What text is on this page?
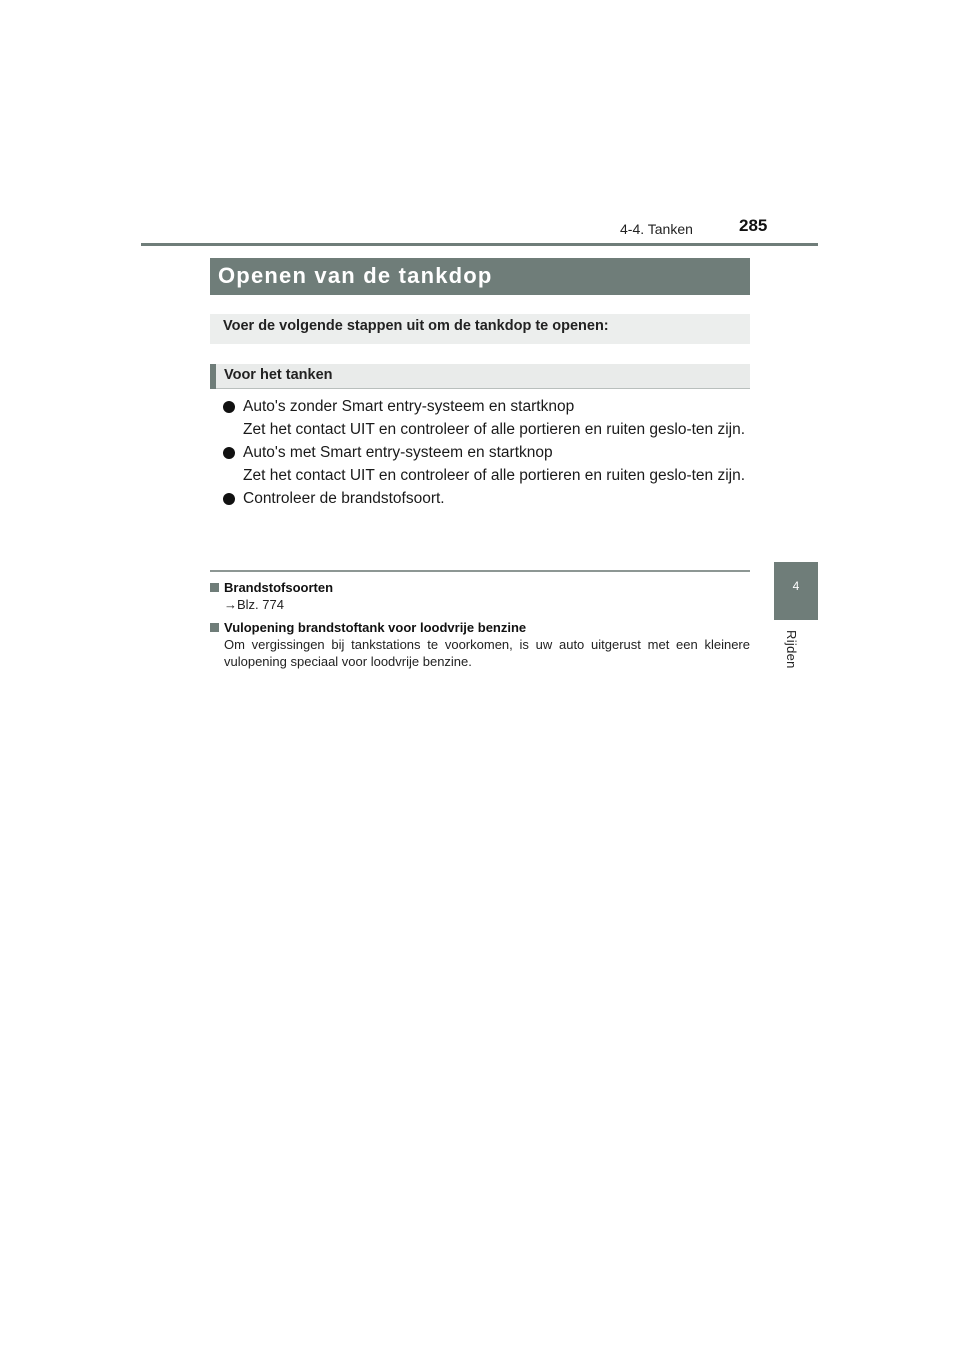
4-4. Tanken	285
4
Rijden
Openen van de tankdop
Voer de volgende stappen uit om de tankdop te openen:
Voor het tanken
Auto's zonder Smart entry-systeem en startknop
Zet het contact UIT en controleer of alle portieren en ruiten geslo-ten zijn.
Auto's met Smart entry-systeem en startknop
Zet het contact UIT en controleer of alle portieren en ruiten geslo-ten zijn.
Controleer de brandstofsoort.
Brandstofsoorten
→Blz. 774
Vulopening brandstoftank voor loodvrije benzine
Om vergissingen bij tankstations te voorkomen, is uw auto uitgerust met een kleinere vulopening speciaal voor loodvrije benzine.
